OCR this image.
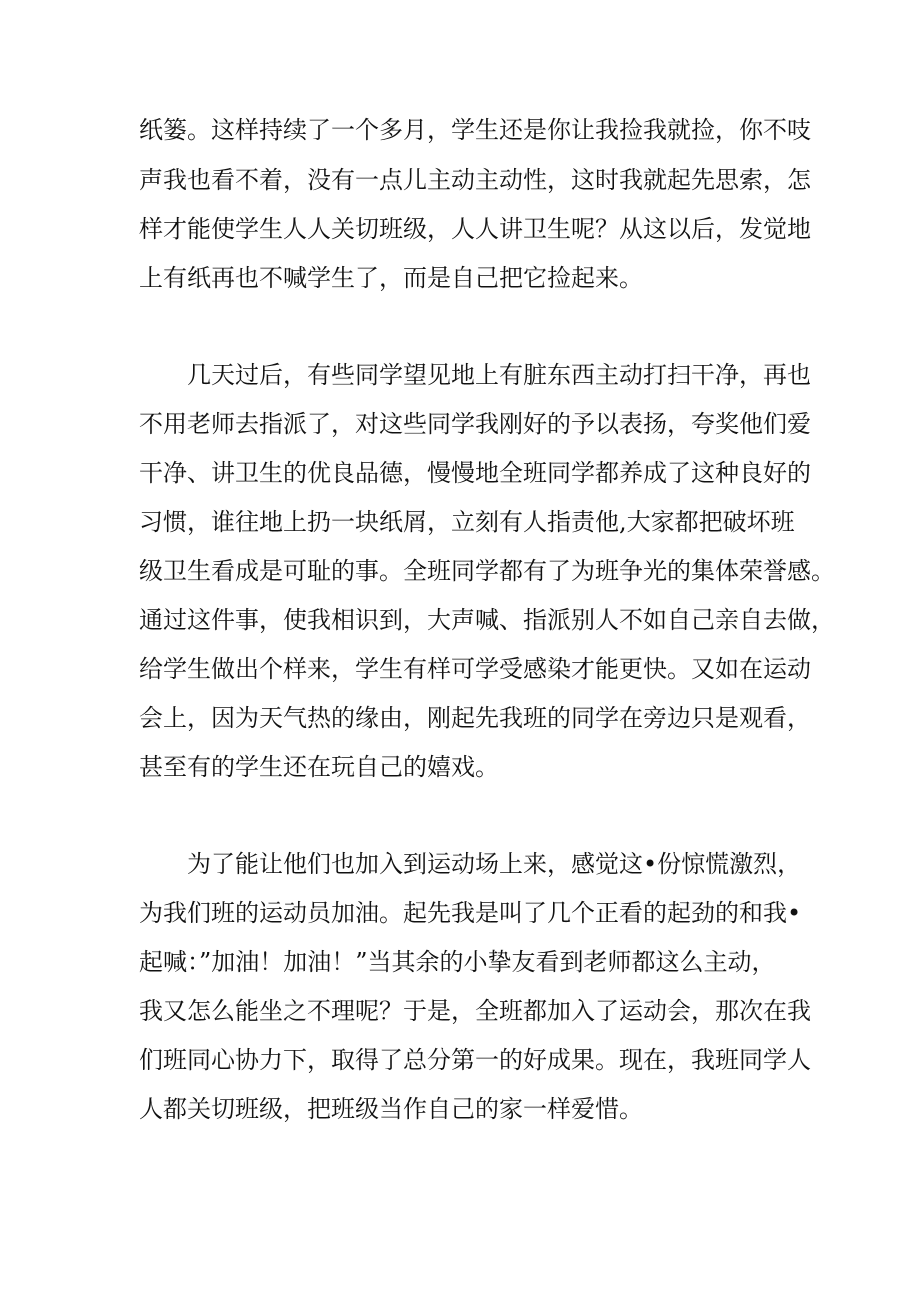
纸篓。这样持续了一个多月，学生还是你让我捡我就捡，你不吱

声我也看不着，没有一点儿主动主动性，这时我就起先思索，怎

样才能使学生人人关切班级，人人讲卫生呢？从这以后，发觉地

上有纸再也不喊学生了，而是自己把它捡起来。

几天过后，有些同学望见地上有脏东西主动打扫干净，再也

不用老师去指派了，对这些同学我刚好的予以表扬，夸奖他们爱

干净、讲卫生的优良品德，慢慢地全班同学都养成了这种良好的

习惯，谁往地上扔一块纸屑，立刻有人指责他,大家都把破坏班

级卫生看成是可耻的事。全班同学都有了为班争光的集体荣誉感。

通过这件事，使我相识到，大声喊、指派别人不如自己亲自去做，

给学生做出个样来，学生有样可学受感染才能更快。又如在运动

会上，因为天气热的缘由，刚起先我班的同学在旁边只是观看，

甚至有的学生还在玩自己的嬉戏。

为了能让他们也加入到运动场上来，感觉这•份惊慌激烈，

为我们班的运动员加油。起先我是叫了几个正看的起劲的和我•

起喊：”加油！加油！”当其余的小挚友看到老师都这么主动，

我又怎么能坐之不理呢？于是，全班都加入了运动会，那次在我

们班同心协力下，取得了总分第一的好成果。现在，我班同学人

人都关切班级，把班级当作自己的家一样爱惜。
